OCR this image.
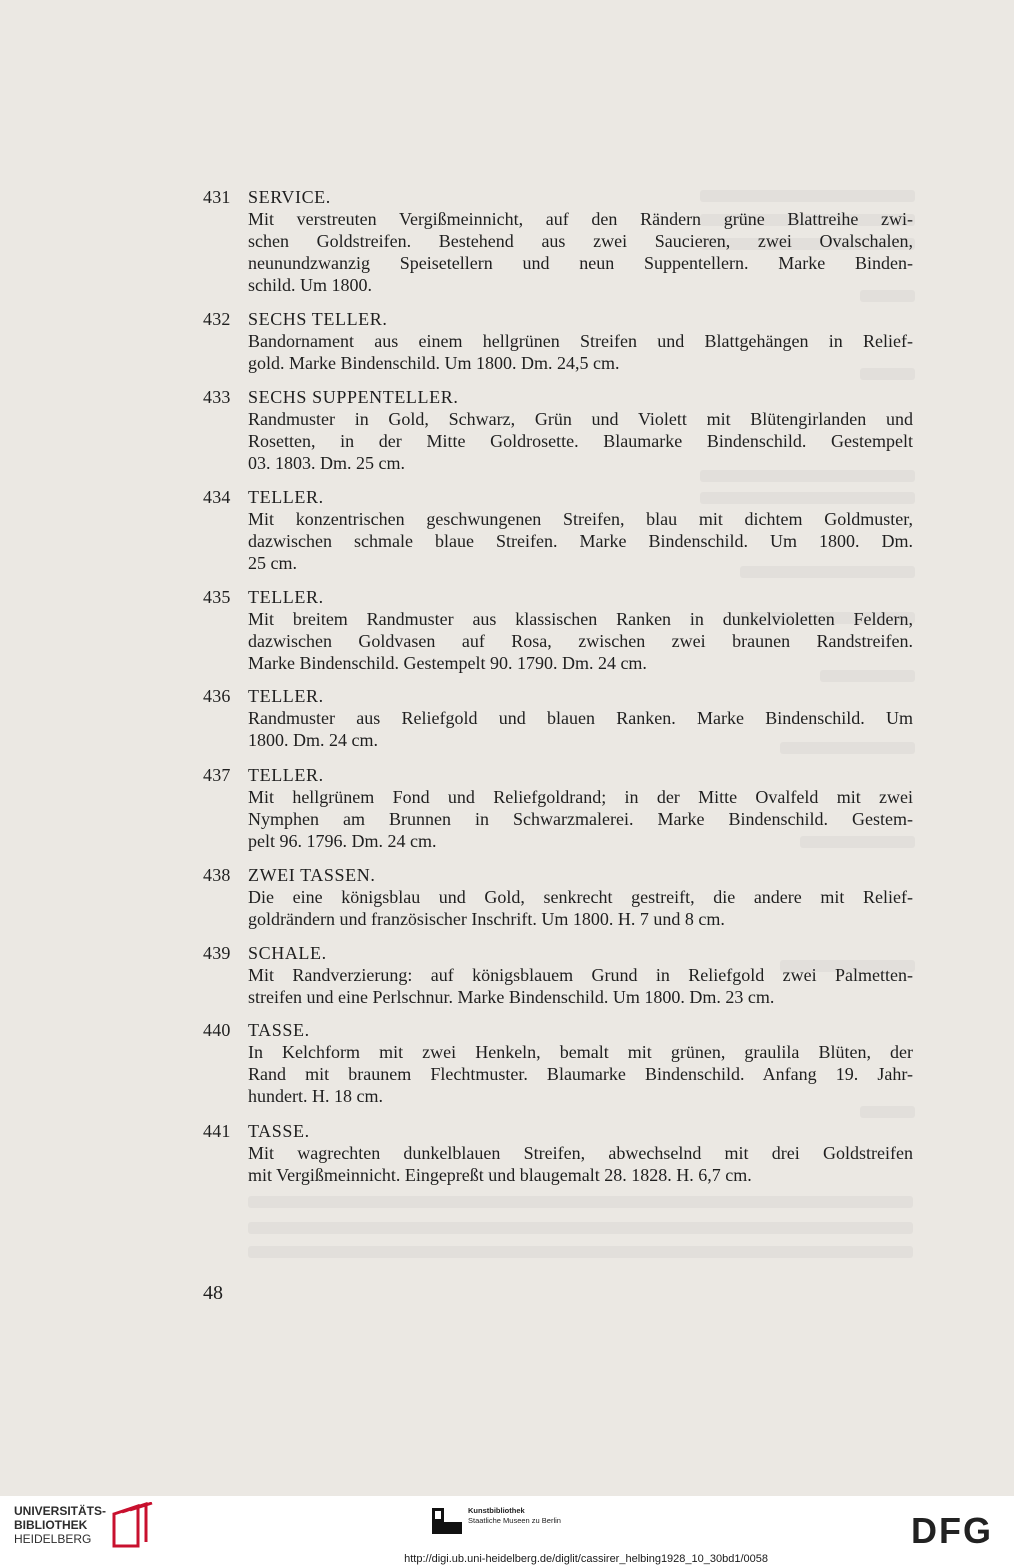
431 SERVICE.
Mit verstreuten Vergißmeinnicht, auf den Rändern grüne Blattreihe zwi-
schen Goldstreifen. Bestehend aus zwei Saucieren, zwei Ovalschalen,
neunundzwanzig Speisetellern und neun Suppentellern. Marke Binden-
schild. Um 1800.
432 SECHS TELLER.
Bandornament aus einem hellgrünen Streifen und Blattgehängen in Relief-
gold. Marke Bindenschild. Um 1800. Dm. 24,5 cm.
433 SECHS SUPPENTELLER.
Randmuster in Gold, Schwarz, Grün und Violett mit Blütengirlanden und
Rosetten, in der Mitte Goldrosette. Blaumarke Bindenschild. Gestempelt
03. 1803. Dm. 25 cm.
434 TELLER.
Mit konzentrischen geschwungenen Streifen, blau mit dichtem Goldmuster,
dazwischen schmale blaue Streifen. Marke Bindenschild. Um 1800. Dm.
25 cm.
435 TELLER.
Mit breitem Randmuster aus klassischen Ranken in dunkelvioletten Feldern,
dazwischen Goldvasen auf Rosa, zwischen zwei braunen Randstreifen.
Marke Bindenschild. Gestempelt 90. 1790. Dm. 24 cm.
436 TELLER.
Randmuster aus Reliefgold und blauen Ranken. Marke Bindenschild. Um
1800. Dm. 24 cm.
437 TELLER.
Mit hellgrünem Fond und Reliefgoldrand; in der Mitte Ovalfeld mit zwei
Nymphen am Brunnen in Schwarzmalerei. Marke Bindenschild. Gestem-
pelt 96. 1796. Dm. 24 cm.
438 ZWEI TASSEN.
Die eine königsblau und Gold, senkrecht gestreift, die andere mit Relief-
goldrändern und französischer Inschrift. Um 1800. H. 7 und 8 cm.
439 SCHALE.
Mit Randverzierung: auf königsblauem Grund in Reliefgold zwei Palmetten-
streifen und eine Perlschnur. Marke Bindenschild. Um 1800. Dm. 23 cm.
440 TASSE.
In Kelchform mit zwei Henkeln, bemalt mit grünen, graulila Blüten, der
Rand mit braunem Flechtmuster. Blaumarke Bindenschild. Anfang 19. Jahr-
hundert. H. 18 cm.
441 TASSE.
Mit wagrechten dunkelblauen Streifen, abwechselnd mit drei Goldstreifen
mit Vergißmeinnicht. Eingepreßt und blaugemalt 28. 1828. H. 6,7 cm.
48
UNIVERSITÄTS-
BIBLIOTHEK
HEIDELBERG
Kunstbibliothek
Staatliche Museen zu Berlin	DFG
http://digi.ub.uni-heidelberg.de/diglit/cassirer_helbing1928_10_30bd1/0058
